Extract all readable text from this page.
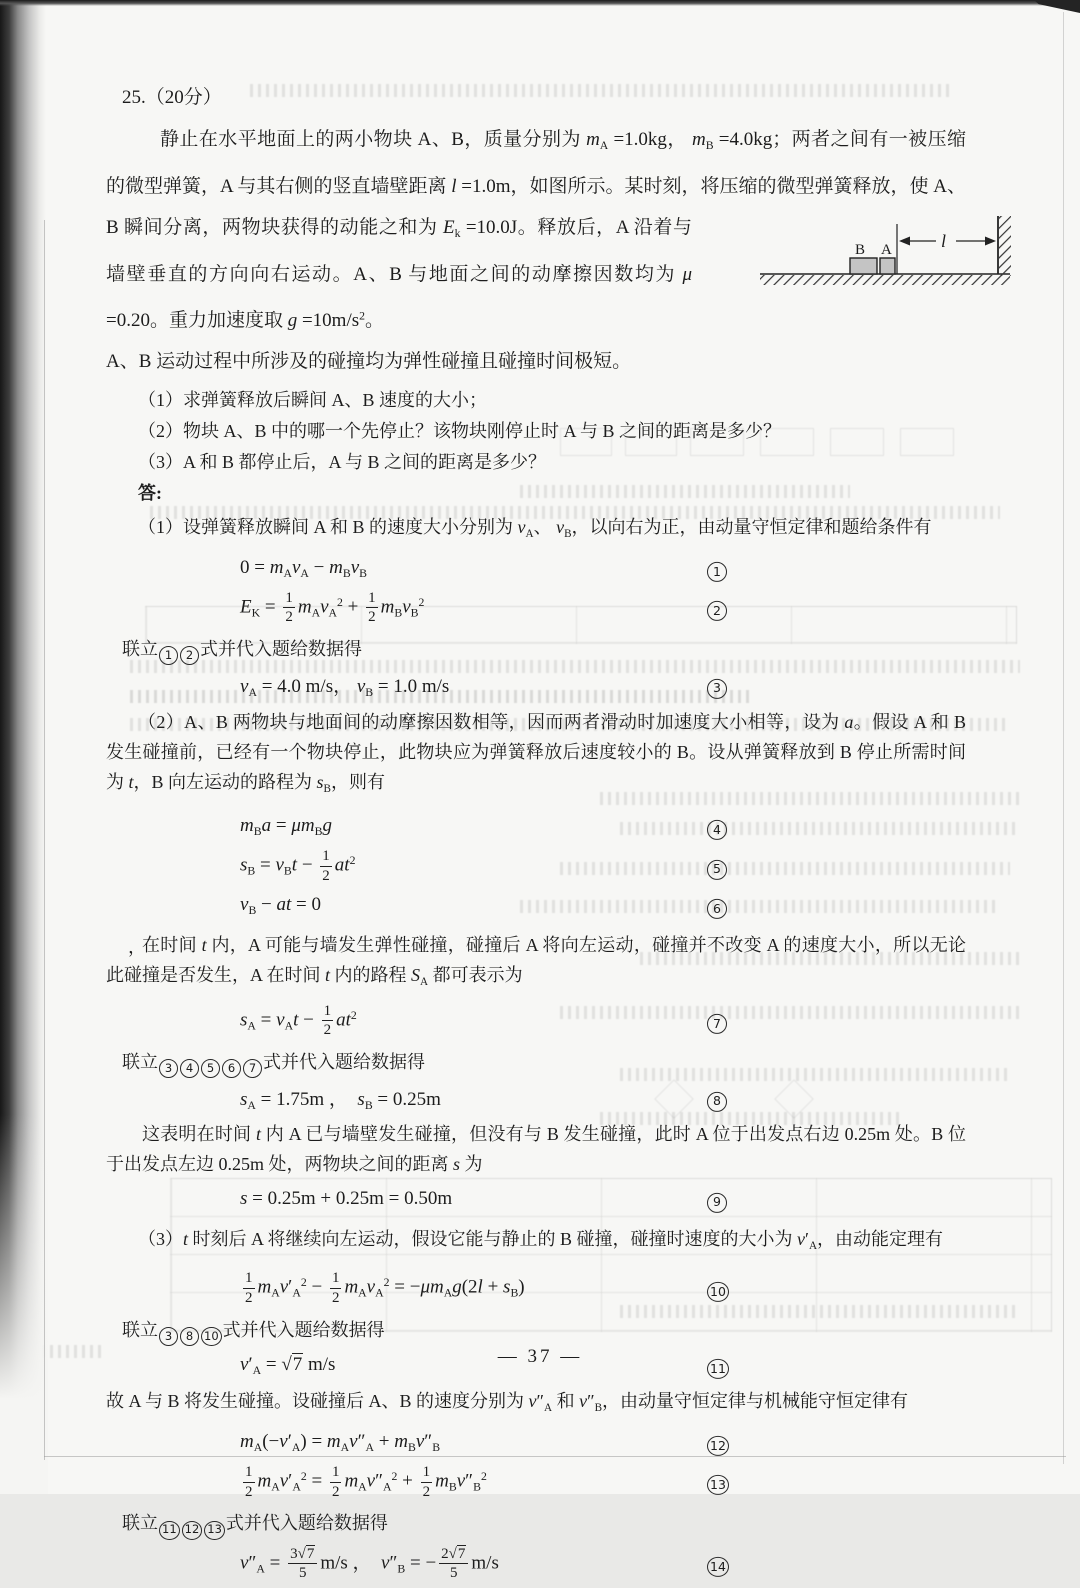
25.（20分）

静止在水平地面上的两小物块 A、B，质量分别为 $m_A =1.0kg$， $m_B =4.0kg$；两者之间有一被压缩的微型弹簧，A 与其右侧的竖直墙壁距离 l =1.0m，如图所示。某时刻，将压缩的微型弹簧释放，使 A、B 瞬间分离，两
l
B A
物块获得的动能之和为 $E_k =10.0J$。释放后，A 沿着与墙壁垂直的方向向右运动。A、B 与地面之间的动摩擦因数均为 μ =0.20。重力加速度取 $g =10m/s^2$。

A、B 运动过程中所涉及的碰撞均为弹性碰撞且碰撞时间极短。

（1）求弹簧释放后瞬间 A、B 速度的大小；
（2）物块 A、B 中的哪一个先停止？该物块刚停止时 A 与 B 之间的距离是多少？
（3）A 和 B 都停止后，A 与 B 之间的距离是多少？
答:

（1）设弹簧释放瞬间 A 和 B 的速度大小分别为 $v_A$、 $v_B$，以向右为正，由动量守恒定律和题给条件有

$0 = m_Av_A - m_Bv_B$	1
$E_K = \frac{1}{2} m_Av_A^2 + \frac{1}{2} m_Bv_B^2$
2
联立 1 2 式并代入题给数据得
$v_A = 4.0$ m/s， $v_B = 1.0$ m/s	3

（2）A、B 两物块与地面间的动摩擦因数相等，因而两者滑动时加速度大小相等，设为 a。假设 A 和 B 发生碰撞前，已经有一个物块停止，此物块应为弹簧释放后速度较小的 B。设从弹簧释放到 B 停止所需时间为 t，B 向左运动的路程为 $s_B$，则有

$m_Ba = \mu m_Bg$	4
$s_B = v_Bt - \frac{1}{2} at^2$
5
$v_B$ − at = 0	6

，
在时间 t 内，A 可能与墙发生弹性碰撞，碰撞后 A 将向左运动，碰撞并不改变 A 的速度大小，所以无论此碰撞是否发生，A 在时间 t 内的路程 $S_A$ 都可表示为

$s_A = v_At - \frac{1}{2} at^2$
7
联立 3 4 5 6 7 式并代入题给数据得
$s_A = 1.75m$ ，　$s_B = 0.25m$	8

这表明在时间 t 内 A 已与墙壁发生碰撞，但没有与 B 发生碰撞，此时 A 位于出发点右边 0.25m 处。B 位于出发点左边 0.25m 处，两物块之间的距离 s 为

s = 0.25m + 0.25m = 0.50m	9

（3）t 时刻后 A 将继续向左运动，假设它能与静止的 B 碰撞，碰撞时速度的大小为 $v'_A$，由动能定理有

$\frac{1}{2} m_Av'_A^2 - \frac{1}{2} m_Av_A^2 = -\mu m_Ag(2l + s_B)$	10
联立 3 8 10 式并代入题给数据得
$v'_A = √7$ m/s	11

故 A 与 B 将发生碰撞。设碰撞后 A、B 的速度分别为 $v''_A$ 和 $v''_B$，由动量守恒定律与机械能守恒定律有

$m_A(-v'_A) = m_Av''_A + m_Bv''_B$	12
$\frac{1}{2} m_Av'_A^2 = \frac{1}{2} m_Av''_A^2 + \frac{1}{2} m_Bv''_B^2$
13
联立 11 12 13 式并代入题给数据得
$v''_A = \frac{3√7}{5} m/s$ ，　$v''_B$ = − $\frac{2√7}{5} m/s$	14
— 37 —
